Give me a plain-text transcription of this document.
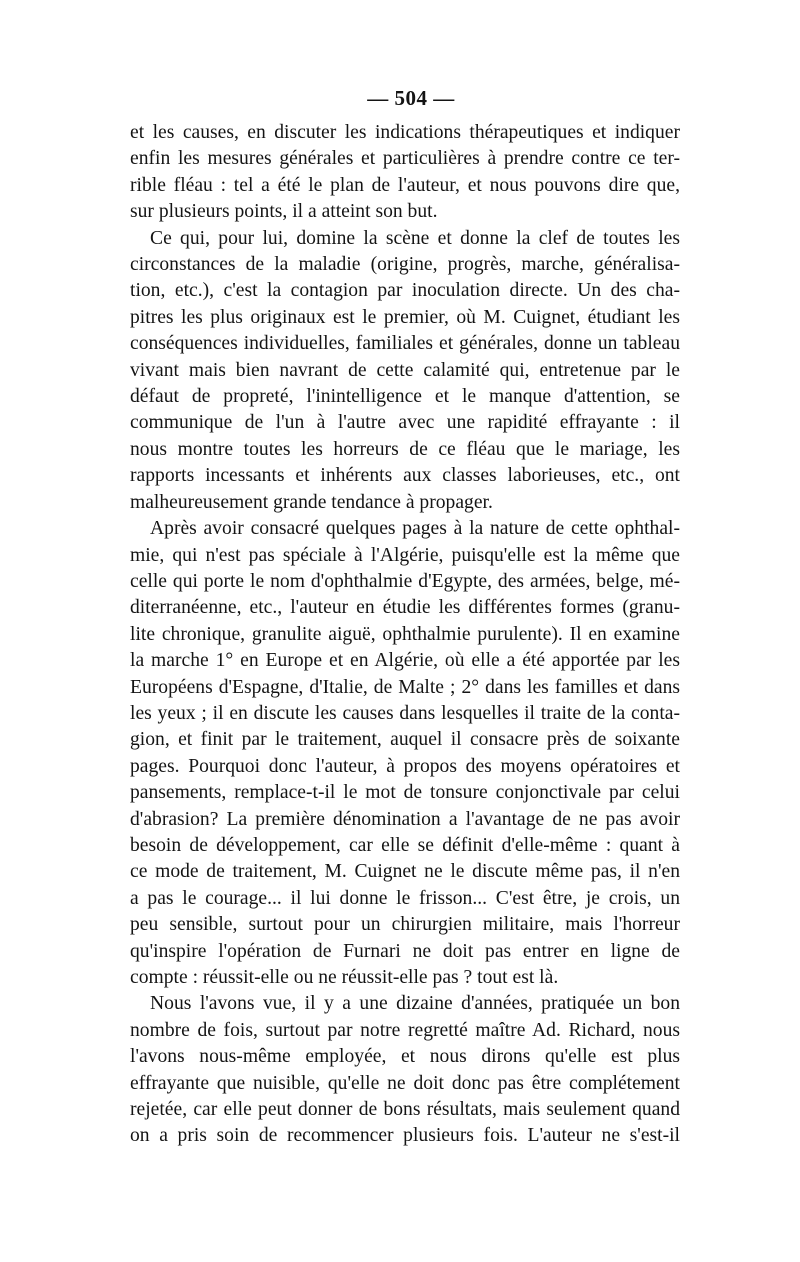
— 504 —
et les causes, en discuter les indications thérapeutiques et indiquer
enfin les mesures générales et particulières à prendre contre ce ter-
rible fléau : tel a été le plan de l'auteur, et nous pouvons dire que,
sur plusieurs points, il a atteint son but.
Ce qui, pour lui, domine la scène et donne la clef de toutes les
circonstances de la maladie (origine, progrès, marche, généralisa-
tion, etc.), c'est la contagion par inoculation directe. Un des cha-
pitres les plus originaux est le premier, où M. Cuignet, étudiant les
conséquences individuelles, familiales et générales, donne un tableau
vivant mais bien navrant de cette calamité qui, entretenue par le
défaut de propreté, l'inintelligence et le manque d'attention, se
communique de l'un à l'autre avec une rapidité effrayante : il
nous montre toutes les horreurs de ce fléau que le mariage, les
rapports incessants et inhérents aux classes laborieuses, etc., ont
malheureusement grande tendance à propager.
Après avoir consacré quelques pages à la nature de cette ophthal-
mie, qui n'est pas spéciale à l'Algérie, puisqu'elle est la même que
celle qui porte le nom d'ophthalmie d'Egypte, des armées, belge, mé-
diterranéenne, etc., l'auteur en étudie les différentes formes (granu-
lite chronique, granulite aiguë, ophthalmie purulente). Il en examine
la marche 1° en Europe et en Algérie, où elle a été apportée par les
Européens d'Espagne, d'Italie, de Malte ; 2° dans les familles et dans
les yeux ; il en discute les causes dans lesquelles il traite de la conta-
gion, et finit par le traitement, auquel il consacre près de soixante
pages. Pourquoi donc l'auteur, à propos des moyens opératoires et
pansements, remplace-t-il le mot de tonsure conjonctivale par celui
d'abrasion? La première dénomination a l'avantage de ne pas avoir
besoin de développement, car elle se définit d'elle-même : quant à
ce mode de traitement, M. Cuignet ne le discute même pas, il n'en
a pas le courage... il lui donne le frisson... C'est être, je crois, un
peu sensible, surtout pour un chirurgien militaire, mais l'horreur
qu'inspire l'opération de Furnari ne doit pas entrer en ligne de
compte : réussit-elle ou ne réussit-elle pas ? tout est là.
Nous l'avons vue, il y a une dizaine d'années, pratiquée un bon
nombre de fois, surtout par notre regretté maître Ad. Richard, nous
l'avons nous-même employée, et nous dirons qu'elle est plus
effrayante que nuisible, qu'elle ne doit donc pas être complétement
rejetée, car elle peut donner de bons résultats, mais seulement quand
on a pris soin de recommencer plusieurs fois. L'auteur ne s'est-il
